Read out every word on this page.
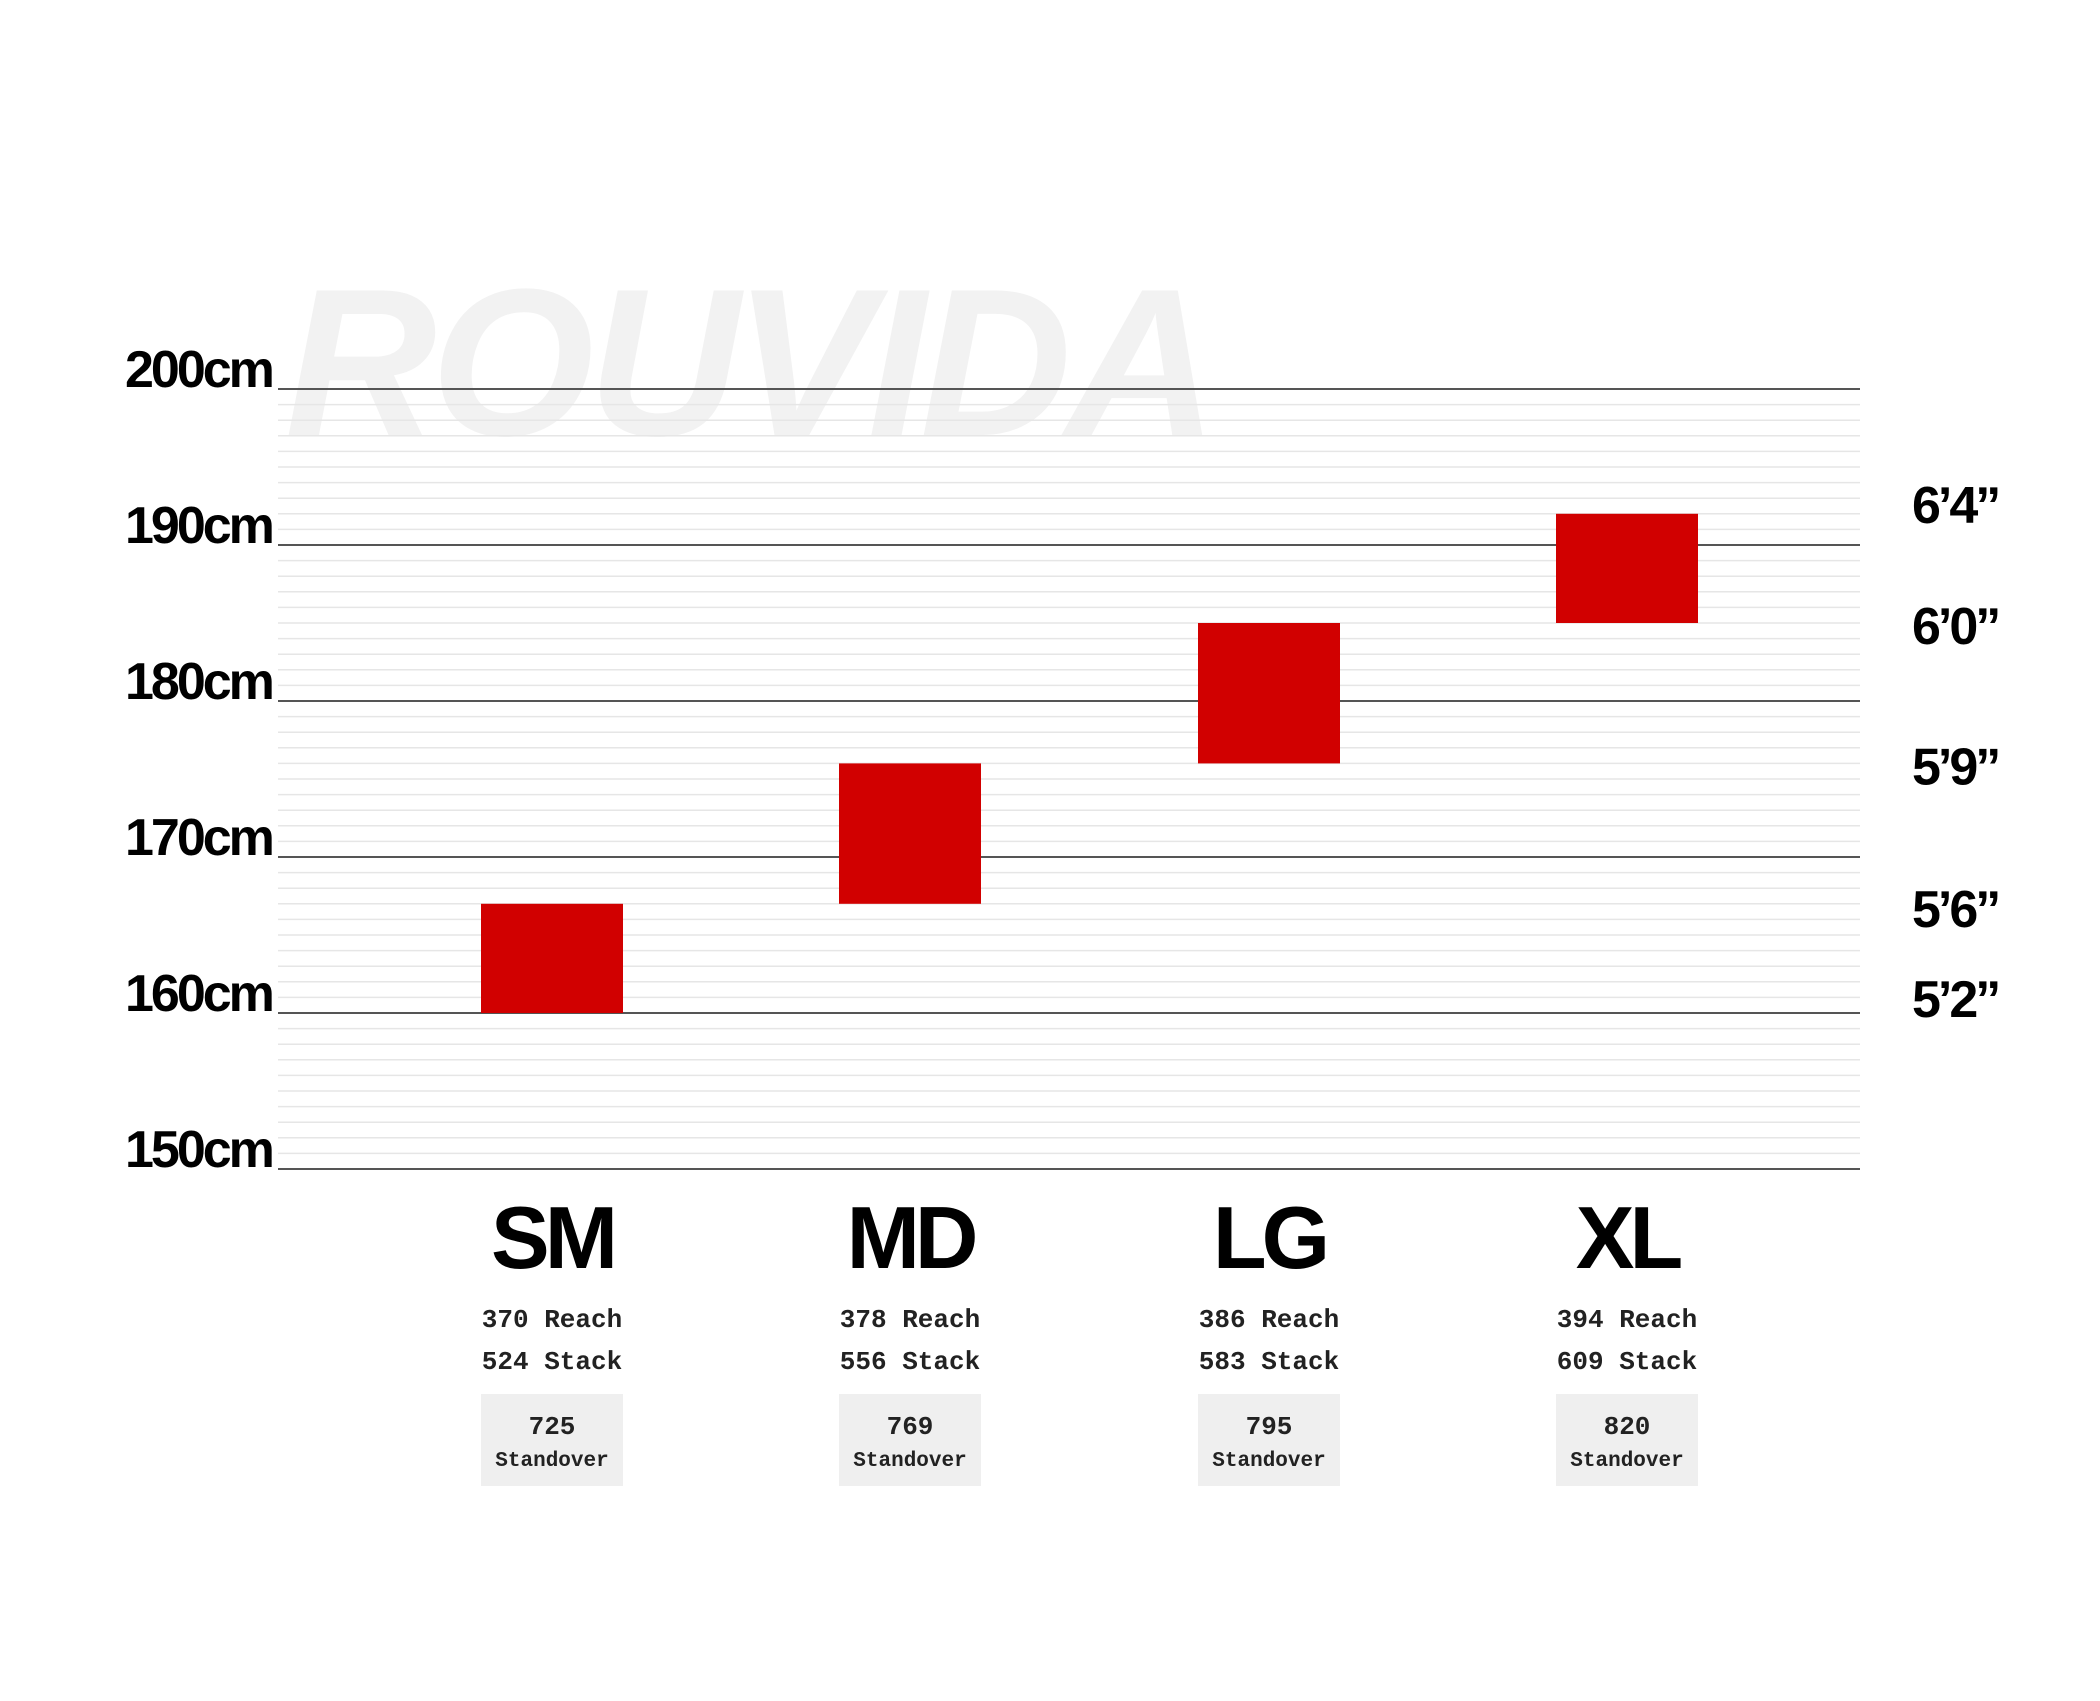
ROUVIDA
200cm
190cm
180cm
170cm
160cm
150cm
6’4”
6’0”
5’9”
5’6”
5’2”
SM
370 Reach
524 Stack
725
Standover
MD
378 Reach
556 Stack
769
Standover
LG
386 Reach
583 Stack
795
Standover
XL
394 Reach
609 Stack
820
Standover
